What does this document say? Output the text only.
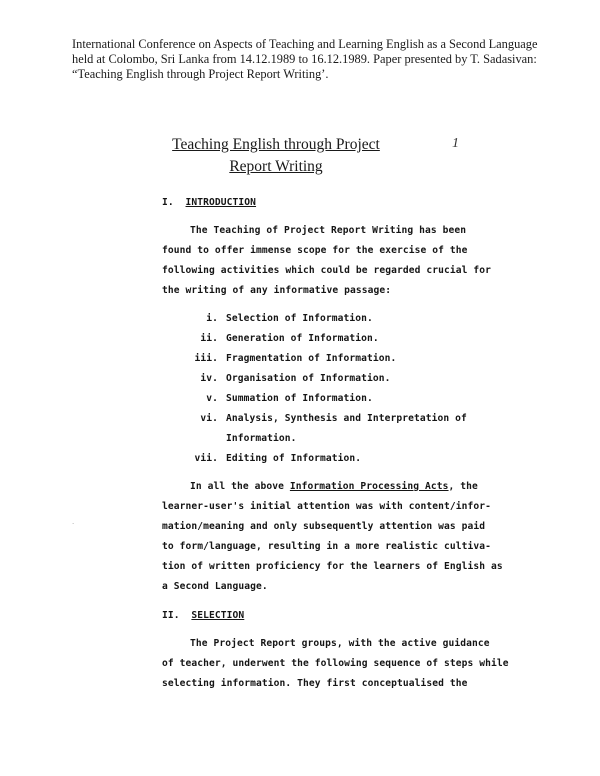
International Conference on Aspects of Teaching and Learning English as a Second Language
held at Colombo, Sri Lanka from 14.12.1989 to 16.12.1989. Paper presented by T. Sadasivan:
“Teaching English through Project Report Writing’.
Teaching English through Project
Report Writing
1
I. INTRODUCTION
The Teaching of Project Report Writing has been
found to offer immense scope for the exercise of the
following activities which could be regarded crucial for
the writing of any informative passage:
i. Selection of Information.
ii. Generation of Information.
iii. Fragmentation of Information.
iv. Organisation of Information.
v. Summation of Information.
vi. Analysis, Synthesis and Interpretation of
Information.
vii. Editing of Information.
In all the above Information Processing Acts, the
learner-user's initial attention was with content/infor-
mation/meaning and only subsequently attention was paid
to form/language, resulting in a more realistic cultiva-
tion of written proficiency for the learners of English as
a Second Language.
II. SELECTION
The Project Report groups, with the active guidance
of teacher, underwent the following sequence of steps while
selecting information. They first conceptualised the
·
